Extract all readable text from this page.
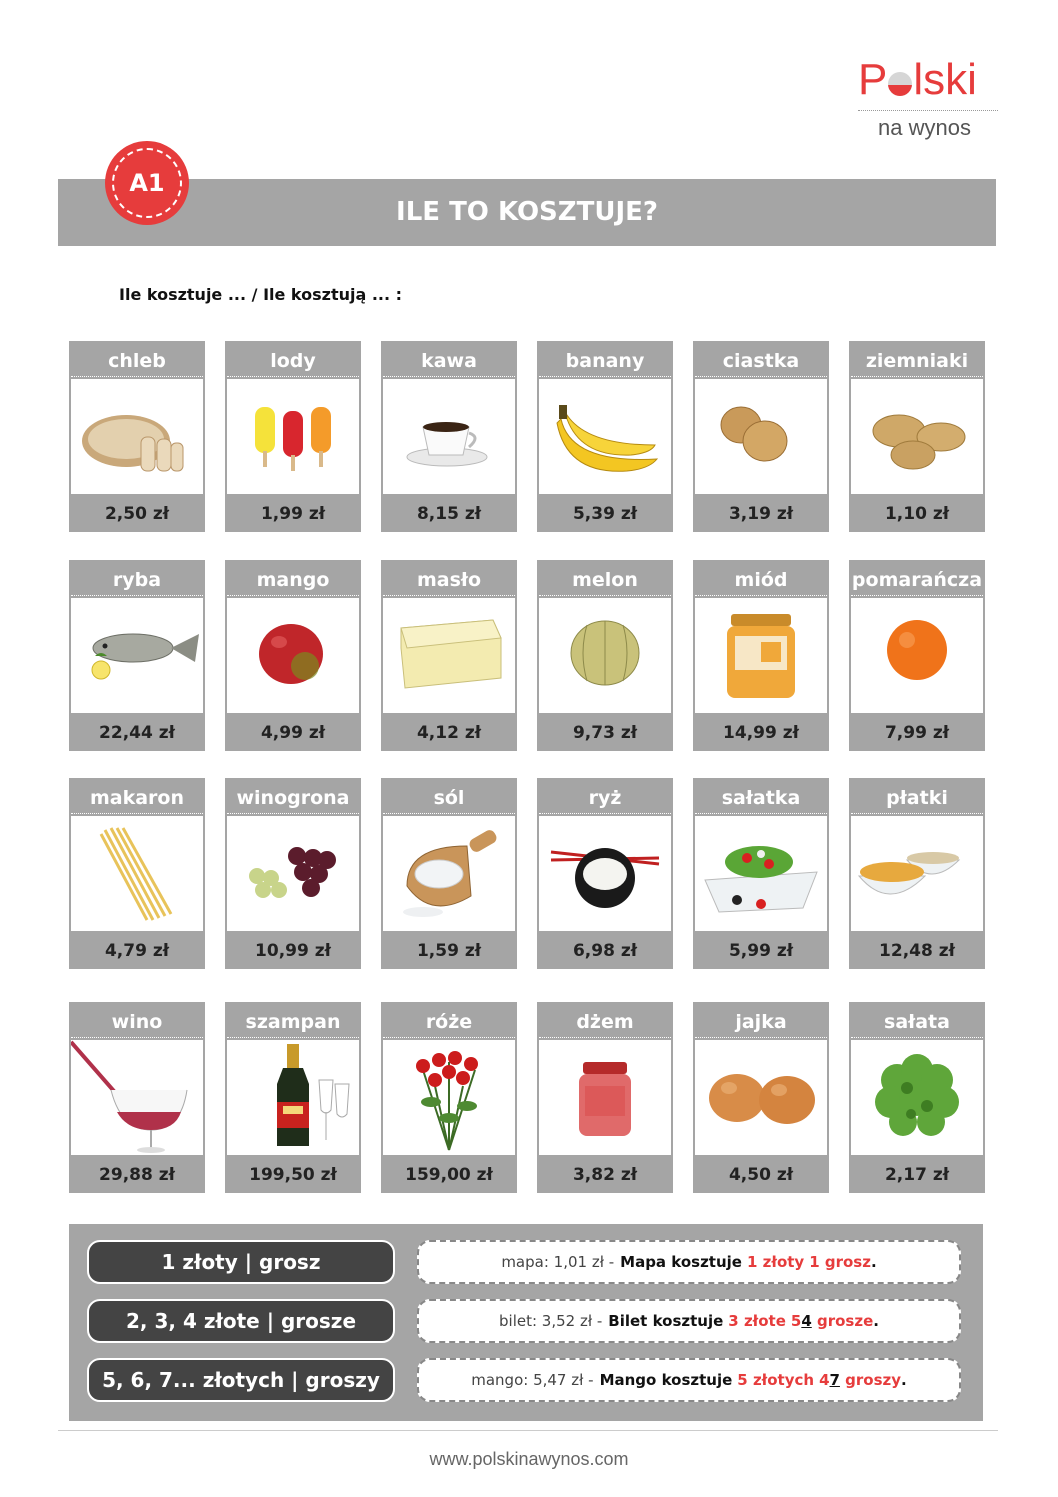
P lski
na wynos
ILE TO KOSZTUJE?
A1
Ile kosztuje ... / Ile kosztują ... :
chleb
2,50 zł
lody
1,99 zł
kawa
8,15 zł
banany
5,39 zł
ciastka
3,19 zł
ziemniaki
1,10 zł
ryba
22,44 zł
mango
4,99 zł
masło
4,12 zł
melon
9,73 zł
miód
14,99 zł
pomarańcza
7,99 zł
makaron
4,79 zł
winogrona
10,99 zł
sól
1,59 zł
ryż
6,98 zł
sałatka
5,99 zł
płatki
12,48 zł
wino
29,88 zł
szampan
199,50 zł
róże
159,00 zł
dżem
3,82 zł
jajka
4,50 zł
sałata
2,17 zł
1 złoty | grosz	mapa: 1,01 zł - Mapa kosztuje 1 złoty 1 grosz .
2, 3, 4 złote | grosze	bilet: 3,52 zł - Bilet kosztuje 3 złote 54 grosze .
5, 6, 7... złotych | groszy	mango: 5,47 zł - Mango kosztuje 5 złotych 47 groszy .
www.polskinawynos.com
